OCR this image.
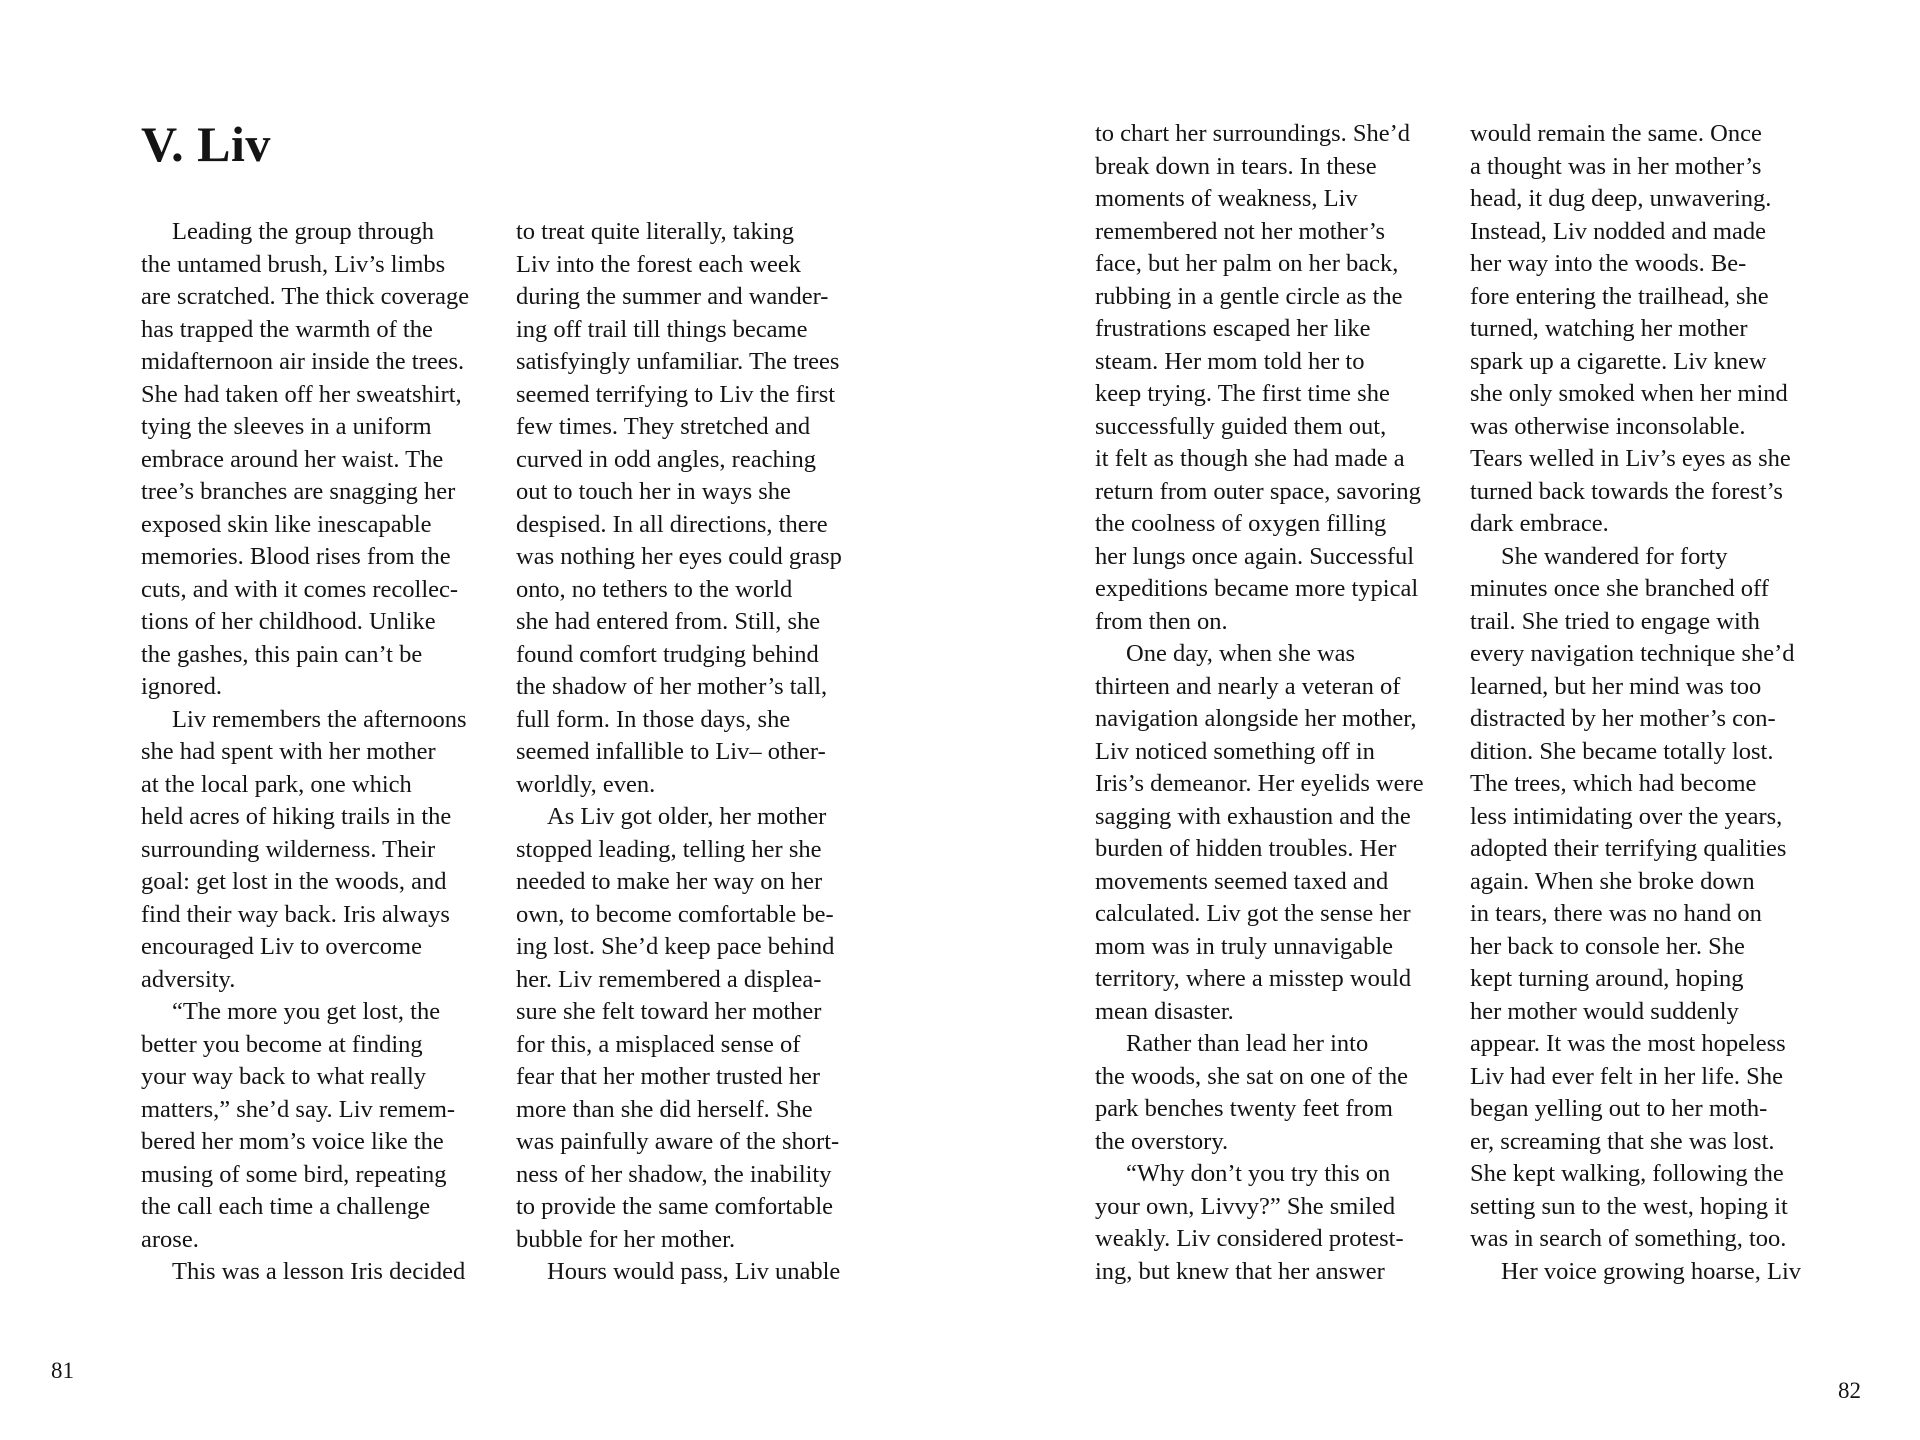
V. Liv
Leading the group through
the untamed brush, Liv’s limbs
are scratched. The thick coverage
has trapped the warmth of the
midafternoon air inside the trees.
She had taken off her sweatshirt,
tying the sleeves in a uniform
embrace around her waist. The
tree’s branches are snagging her
exposed skin like inescapable
memories. Blood rises from the
cuts, and with it comes recollec-
tions of her childhood. Unlike
the gashes, this pain can’t be
ignored.
Liv remembers the afternoons
she had spent with her mother
at the local park, one which
held acres of hiking trails in the
surrounding wilderness. Their
goal: get lost in the woods, and
find their way back. Iris always
encouraged Liv to overcome
adversity.
“The more you get lost, the
better you become at finding
your way back to what really
matters,” she’d say. Liv remem-
bered her mom’s voice like the
musing of some bird, repeating
the call each time a challenge
arose.
This was a lesson Iris decided
to treat quite literally, taking
Liv into the forest each week
during the summer and wander-
ing off trail till things became
satisfyingly unfamiliar. The trees
seemed terrifying to Liv the first
few times. They stretched and
curved in odd angles, reaching
out to touch her in ways she
despised. In all directions, there
was nothing her eyes could grasp
onto, no tethers to the world
she had entered from. Still, she
found comfort trudging behind
the shadow of her mother’s tall,
full form. In those days, she
seemed infallible to Liv– other-
worldly, even.
As Liv got older, her mother
stopped leading, telling her she
needed to make her way on her
own, to become comfortable be-
ing lost. She’d keep pace behind
her. Liv remembered a displea-
sure she felt toward her mother
for this, a misplaced sense of
fear that her mother trusted her
more than she did herself. She
was painfully aware of the short-
ness of her shadow, the inability
to provide the same comfortable
bubble for her mother.
Hours would pass, Liv unable
81
to chart her surroundings. She’d
break down in tears. In these
moments of weakness, Liv
remembered not her mother’s
face, but her palm on her back,
rubbing in a gentle circle as the
frustrations escaped her like
steam. Her mom told her to
keep trying. The first time she
successfully guided them out,
it felt as though she had made a
return from outer space, savoring
the coolness of oxygen filling
her lungs once again. Successful
expeditions became more typical
from then on.
One day, when she was
thirteen and nearly a veteran of
navigation alongside her mother,
Liv noticed something off in
Iris’s demeanor. Her eyelids were
sagging with exhaustion and the
burden of hidden troubles. Her
movements seemed taxed and
calculated. Liv got the sense her
mom was in truly unnavigable
territory, where a misstep would
mean disaster.
Rather than lead her into
the woods, she sat on one of the
park benches twenty feet from
the overstory.
“Why don’t you try this on
your own, Livvy?” She smiled
weakly. Liv considered protest-
ing, but knew that her answer
would remain the same. Once
a thought was in her mother’s
head, it dug deep, unwavering.
Instead, Liv nodded and made
her way into the woods. Be-
fore entering the trailhead, she
turned, watching her mother
spark up a cigarette. Liv knew
she only smoked when her mind
was otherwise inconsolable.
Tears welled in Liv’s eyes as she
turned back towards the forest’s
dark embrace.
She wandered for forty
minutes once she branched off
trail. She tried to engage with
every navigation technique she’d
learned, but her mind was too
distracted by her mother’s con-
dition. She became totally lost.
The trees, which had become
less intimidating over the years,
adopted their terrifying qualities
again. When she broke down
in tears, there was no hand on
her back to console her. She
kept turning around, hoping
her mother would suddenly
appear. It was the most hopeless
Liv had ever felt in her life. She
began yelling out to her moth-
er, screaming that she was lost.
She kept walking, following the
setting sun to the west, hoping it
was in search of something, too.
Her voice growing hoarse, Liv
82
